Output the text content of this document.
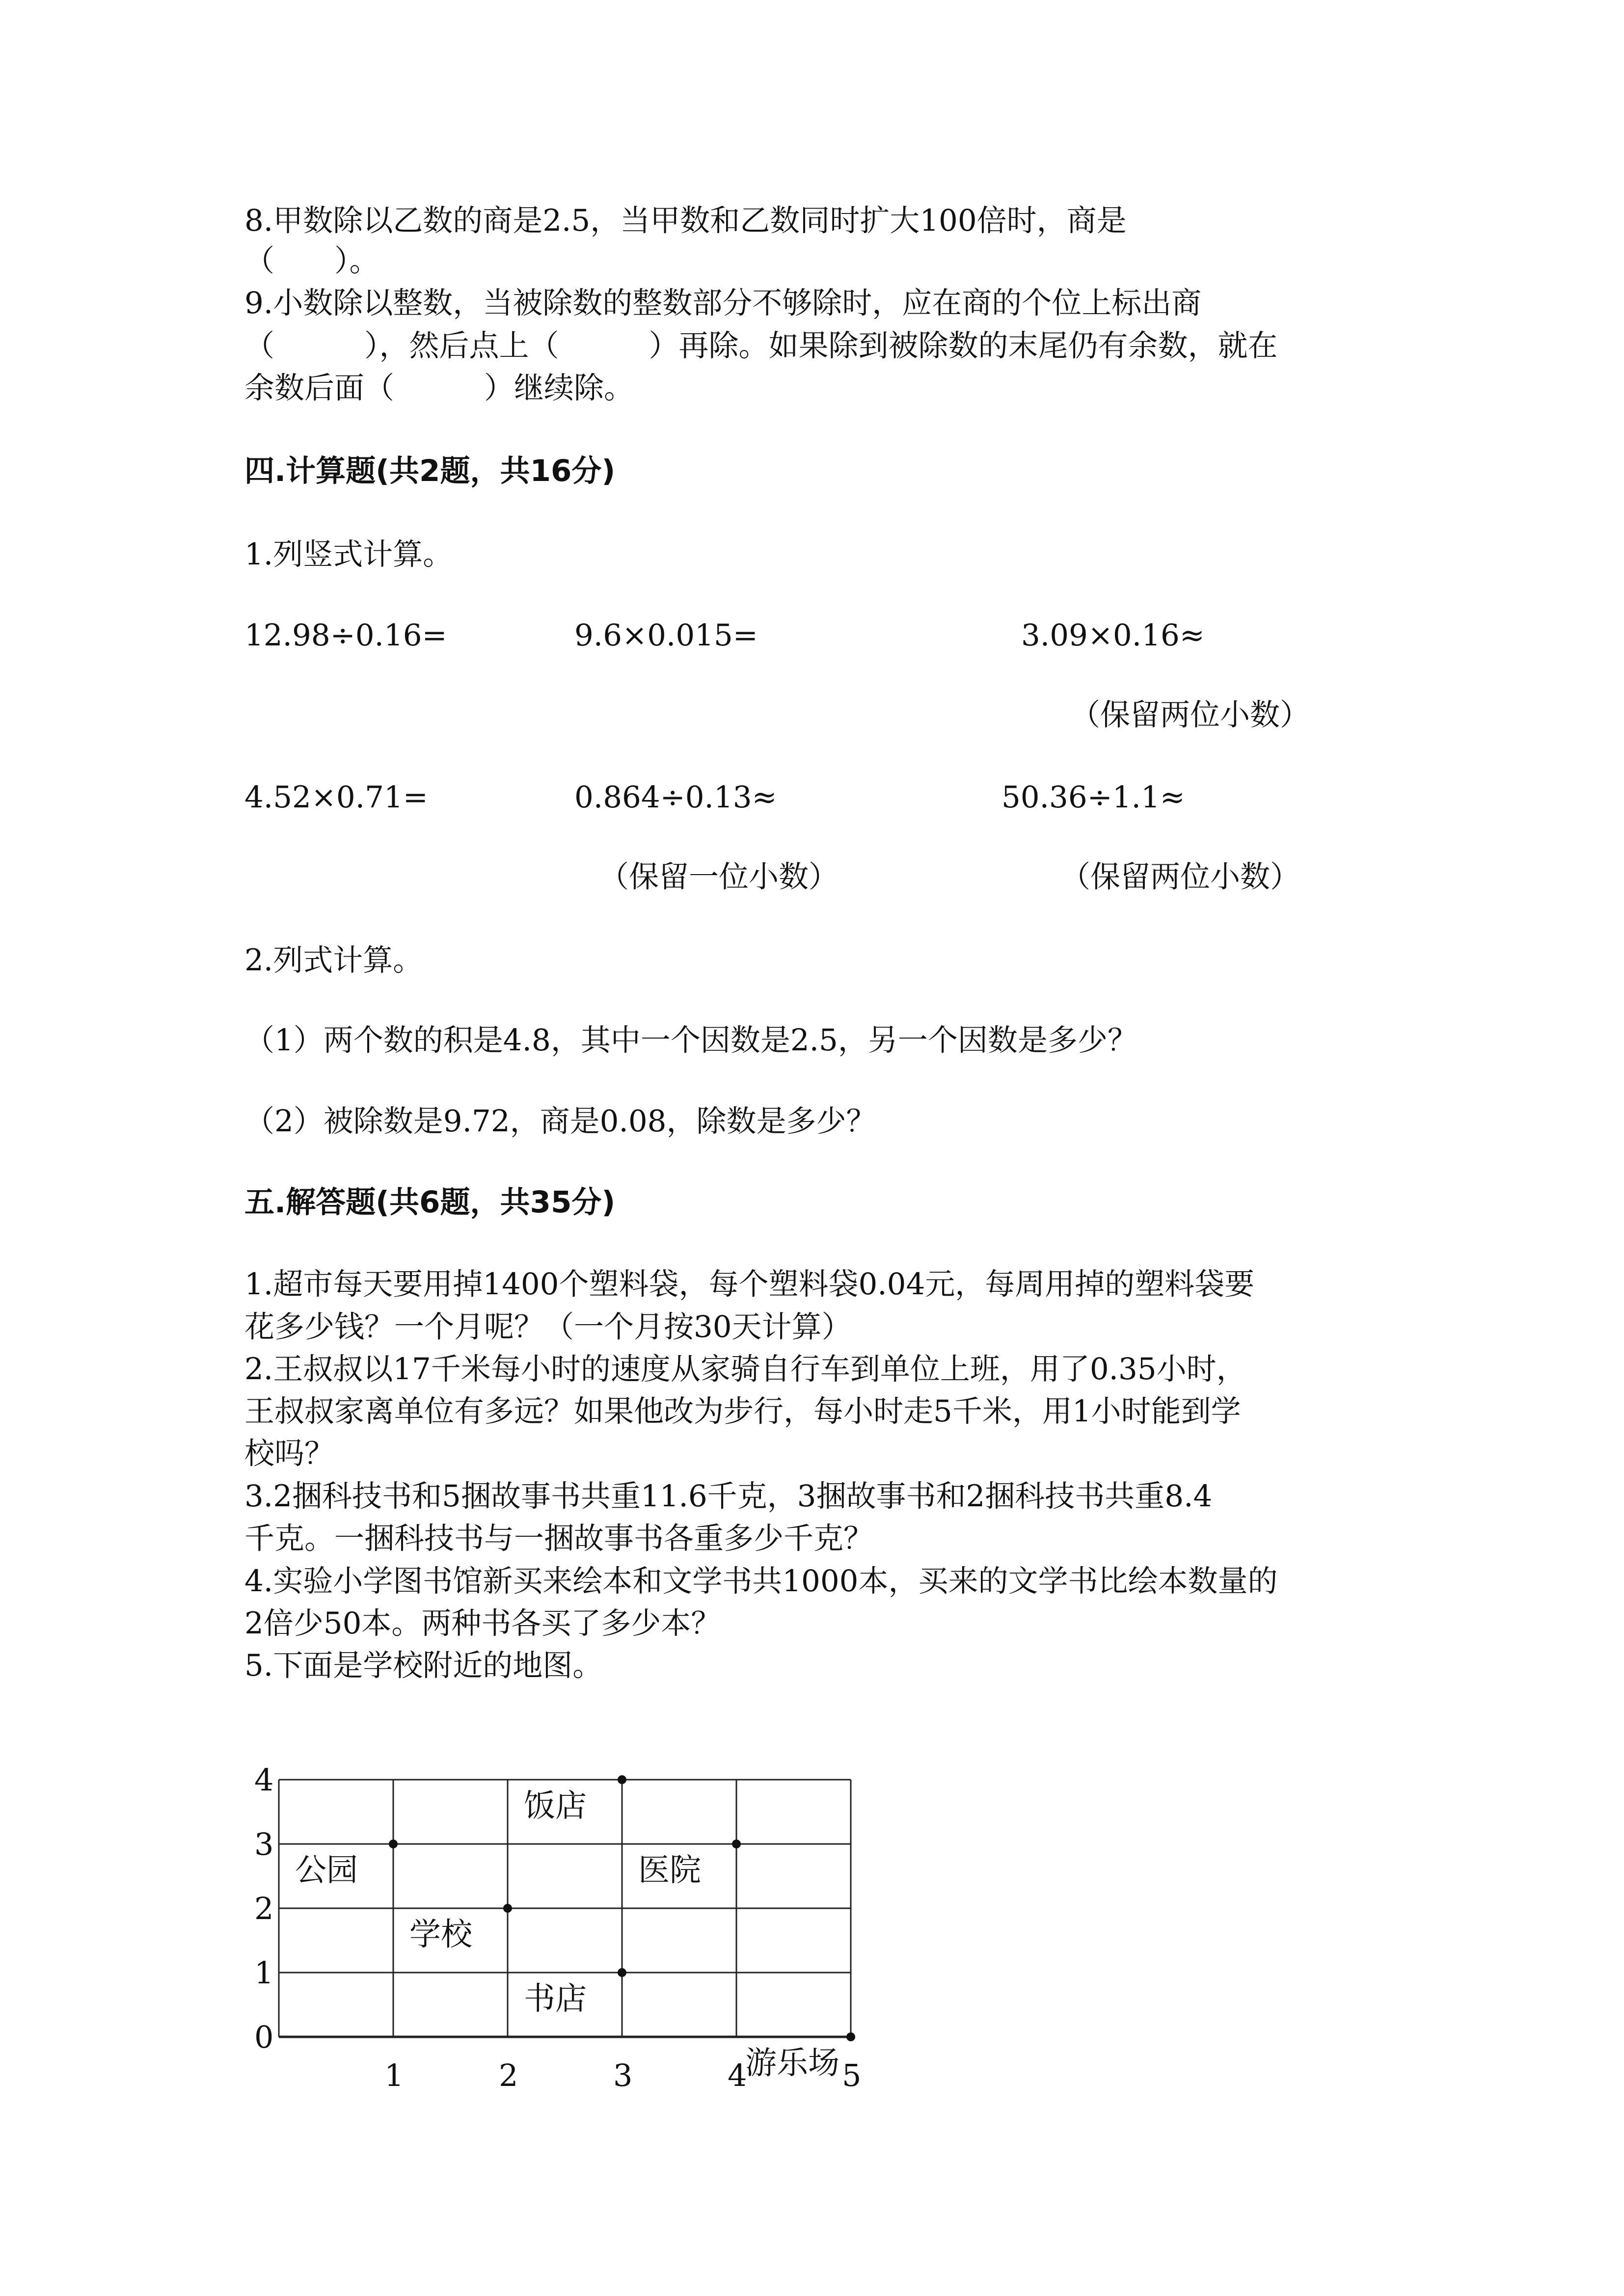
8.甲数除以乙数的商是2.5，当甲数和乙数同时扩大100倍时，商是
（　　）。
9.小数除以整数，当被除数的整数部分不够除时，应在商的个位上标出商
（　　　），然后点上（　　　）再除。如果除到被除数的末尾仍有余数，就在
余数后面（　　　）继续除。
四.计算题(共2题，共16分)
1.列竖式计算。
12.98÷0.16=	9.6×0.015=	3.09×0.16≈
（保留两位小数）
4.52×0.71=	0.864÷0.13≈	50.36÷1.1≈
（保留一位小数）	（保留两位小数）
2.列式计算。
（1）两个数的积是4.8，其中一个因数是2.5，另一个因数是多少？
（2）被除数是9.72，商是0.08，除数是多少？
五.解答题(共6题，共35分)
1.超市每天要用掉1400个塑料袋，每个塑料袋0.04元，每周用掉的塑料袋要
花多少钱？一个月呢？（一个月按30天计算）
2.王叔叔以17千米每小时的速度从家骑自行车到单位上班，用了0.35小时，
王叔叔家离单位有多远？如果他改为步行，每小时走5千米，用1小时能到学
校吗？
3.2捆科技书和5捆故事书共重11.6千克，3捆故事书和2捆科技书共重8.4
千克。一捆科技书与一捆故事书各重多少千克？
4.实验小学图书馆新买来绘本和文学书共1000本，买来的文学书比绘本数量的
2倍少50本。两种书各买了多少本？
5.下面是学校附近的地图。
0
1
2
3
4
1	2	3	4	5
饭店
公园	医院
学校
书店
游乐场
